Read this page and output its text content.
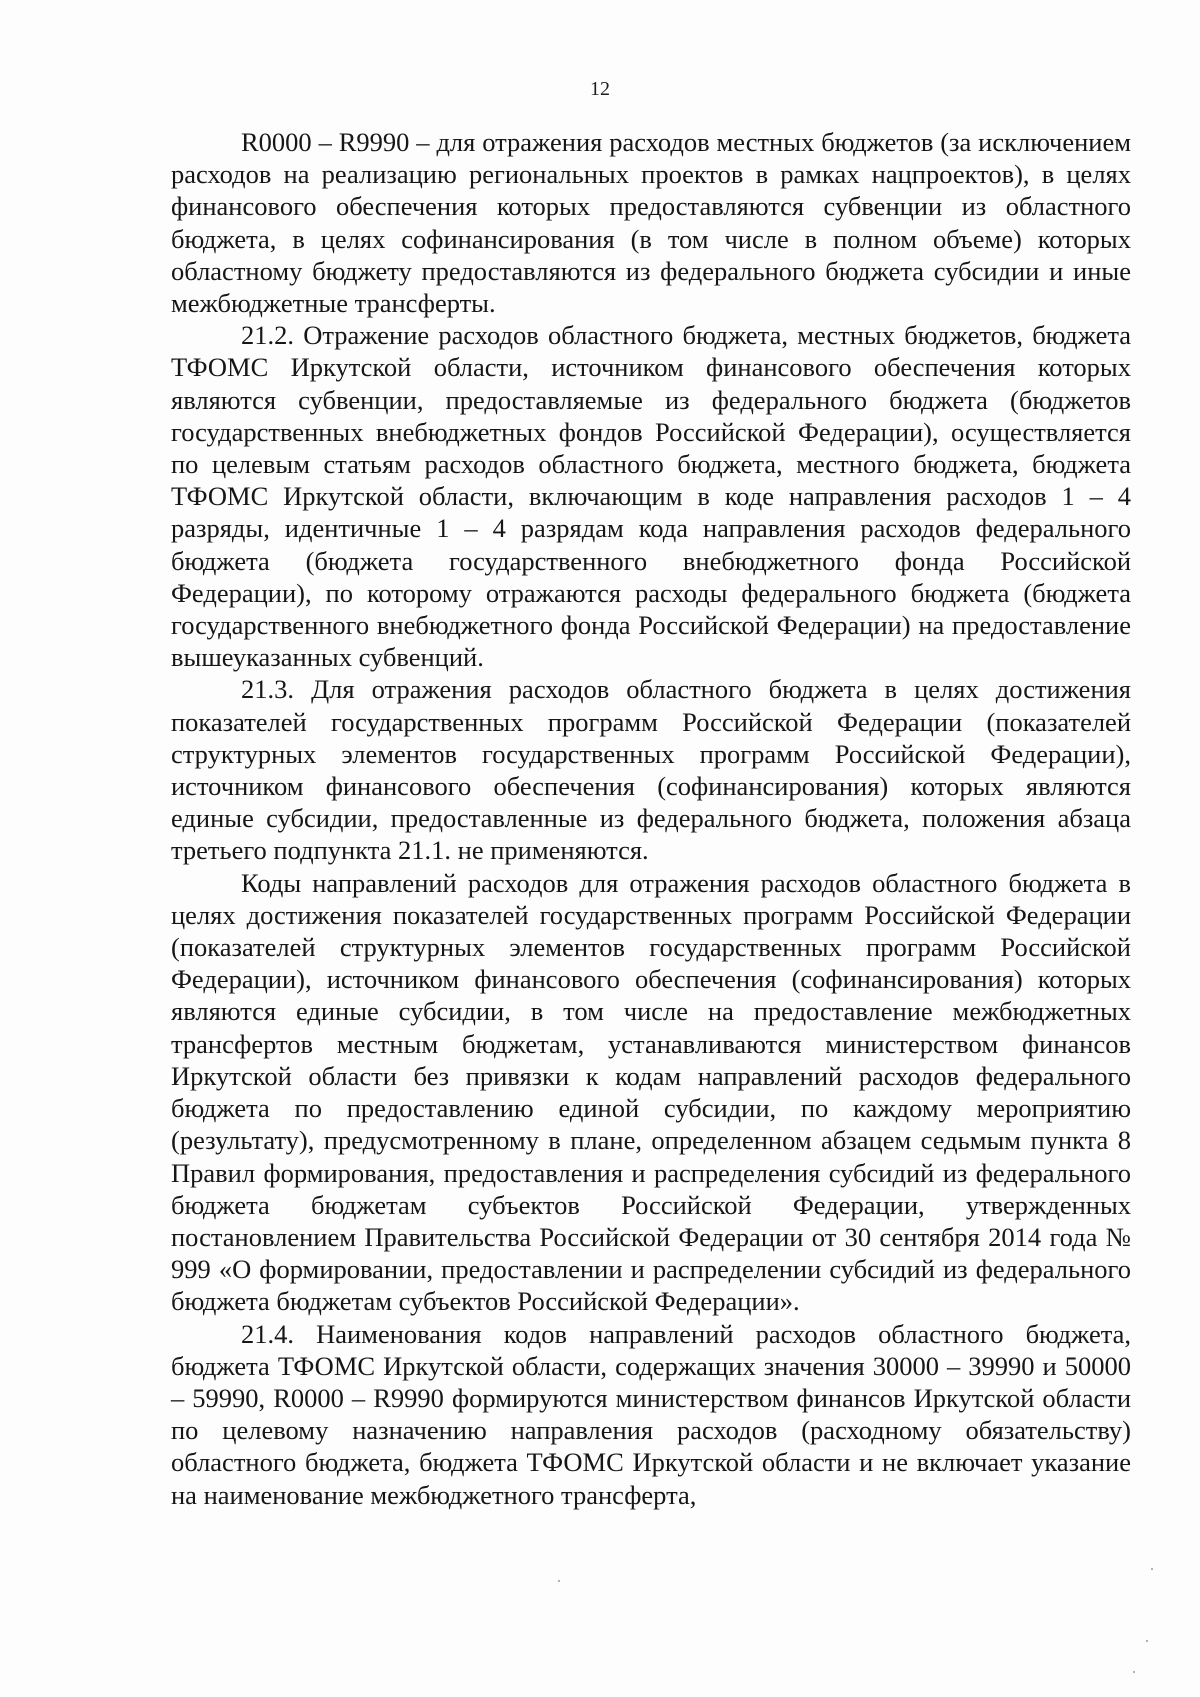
12

R0000 – R9990 – для отражения расходов местных бюджетов (за исключением расходов на реализацию региональных проектов в рамках нацпроектов), в целях финансового обеспечения которых предоставляются субвенции из областного бюджета, в целях софинансирования (в том числе в полном объеме) которых областному бюджету предоставляются из федерального бюджета субсидии и иные межбюджетные трансферты.

21.2. Отражение расходов областного бюджета, местных бюджетов, бюджета ТФОМС Иркутской области, источником финансового обеспечения которых являются субвенции, предоставляемые из федерального бюджета (бюджетов государственных внебюджетных фондов Российской Федерации), осуществляется по целевым статьям расходов областного бюджета, местного бюджета, бюджета ТФОМС Иркутской области, включающим в коде направления расходов 1 – 4 разряды, идентичные 1 – 4 разрядам кода направления расходов федерального бюджета (бюджета государственного внебюджетного фонда Российской Федерации), по которому отражаются расходы федерального бюджета (бюджета государственного внебюджетного фонда Российской Федерации) на предоставление вышеуказанных субвенций.

21.3. Для отражения расходов областного бюджета в целях достижения показателей государственных программ Российской Федерации (показателей структурных элементов государственных программ Российской Федерации), источником финансового обеспечения (софинансирования) которых являются единые субсидии, предоставленные из федерального бюджета, положения абзаца третьего подпункта 21.1. не применяются.

Коды направлений расходов для отражения расходов областного бюджета в целях достижения показателей государственных программ Российской Федерации (показателей структурных элементов государственных программ Российской Федерации), источником финансового обеспечения (софинансирования) которых являются единые субсидии, в том числе на предоставление межбюджетных трансфертов местным бюджетам, устанавливаются министерством финансов Иркутской области без привязки к кодам направлений расходов федерального бюджета по предоставлению единой субсидии, по каждому мероприятию (результату), предусмотренному в плане, определенном абзацем седьмым пункта 8 Правил формирования, предоставления и распределения субсидий из федерального бюджета бюджетам субъектов Российской Федерации, утвержденных постановлением Правительства Российской Федерации от 30 сентября 2014 года № 999 «О формировании, предоставлении и распределении субсидий из федерального бюджета бюджетам субъектов Российской Федерации».

21.4. Наименования кодов направлений расходов областного бюджета, бюджета ТФОМС Иркутской области, содержащих значения 30000 – 39990 и 50000 – 59990, R0000 – R9990 формируются министерством финансов Иркутской области по целевому назначению направления расходов (расходному обязательству) областного бюджета, бюджета ТФОМС Иркутской области и не включает указание на наименование межбюджетного трансферта,
